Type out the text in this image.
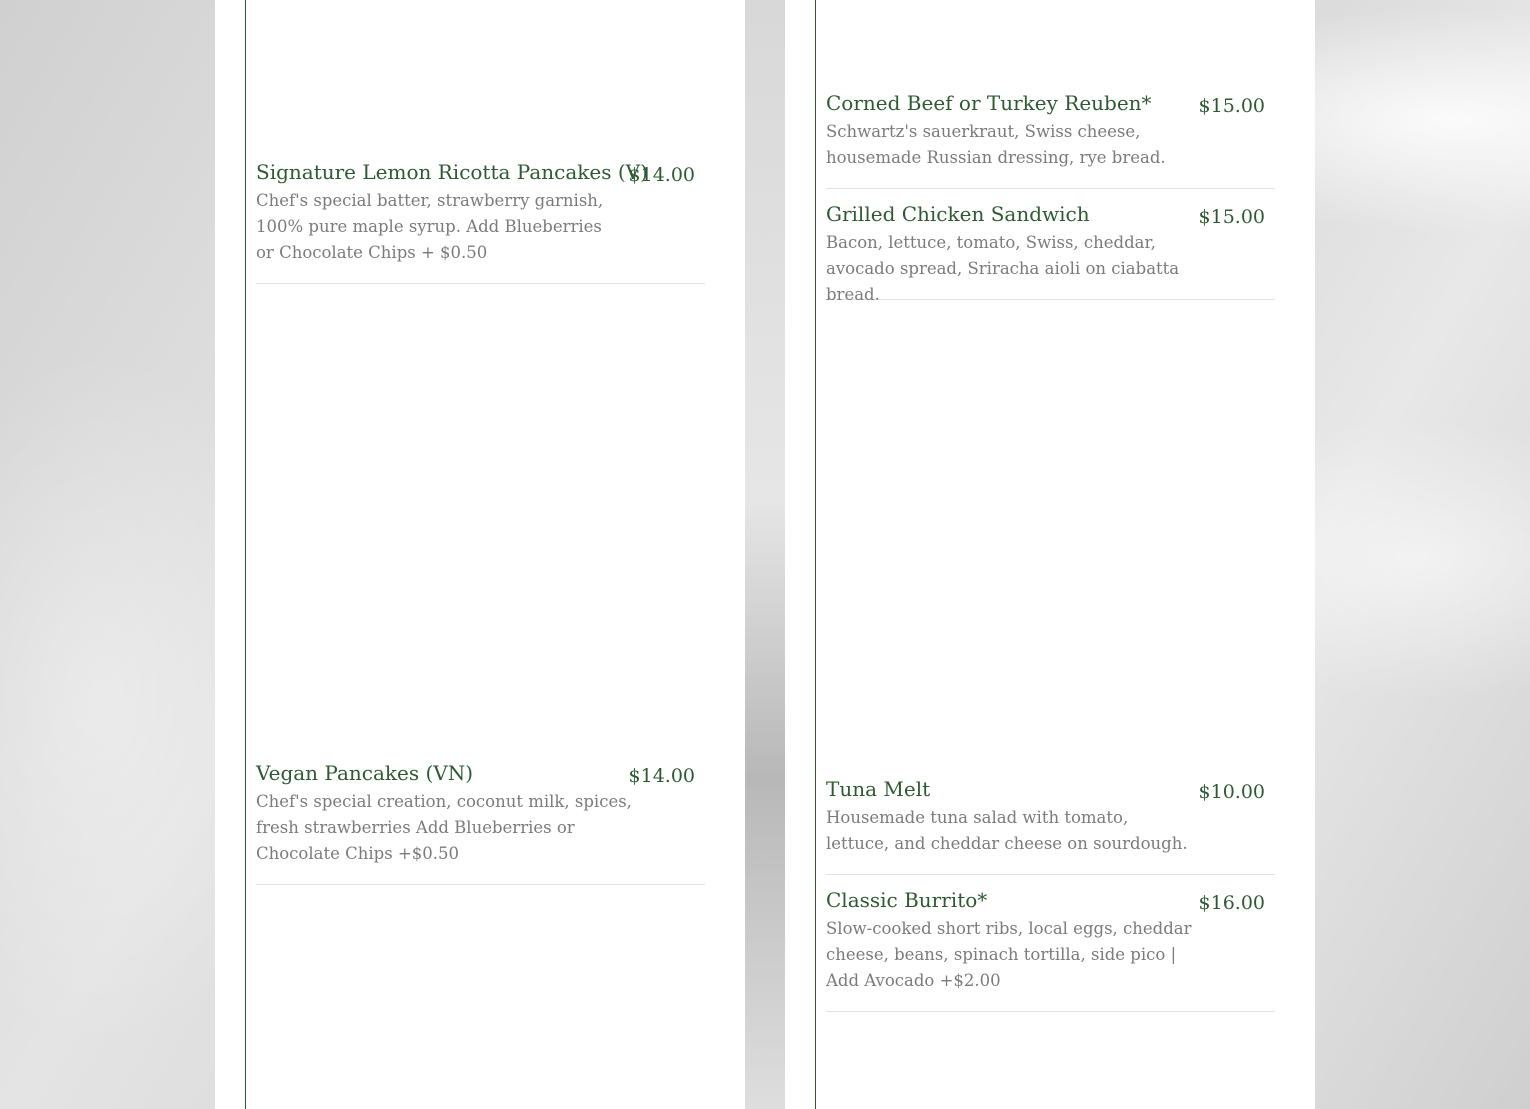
Signature Lemon Ricotta Pancakes (V)
$14.00

Chef's special batter, strawberry garnish, 100% pure maple syrup. Add Blueberries or Chocolate Chips + $0.50

Vegan Pancakes (VN)	$14.00

Chef's special creation, coconut milk, spices, fresh strawberries Add Blueberries or Chocolate Chips +$0.50

Corned Beef or Turkey Reuben* $15.00

Schwartz's sauerkraut, Swiss cheese, housemade Russian dressing, rye bread.

Grilled Chicken Sandwich	$15.00

Bacon, lettuce, tomato, Swiss, cheddar, avocado spread, Sriracha aioli on ciabatta bread.

Tuna Melt	$10.00

Housemade tuna salad with tomato, lettuce, and cheddar cheese on sourdough.

Classic Burrito*	$16.00

Slow-cooked short ribs, local eggs, cheddar cheese, beans, spinach tortilla, side pico | Add Avocado +$2.00
